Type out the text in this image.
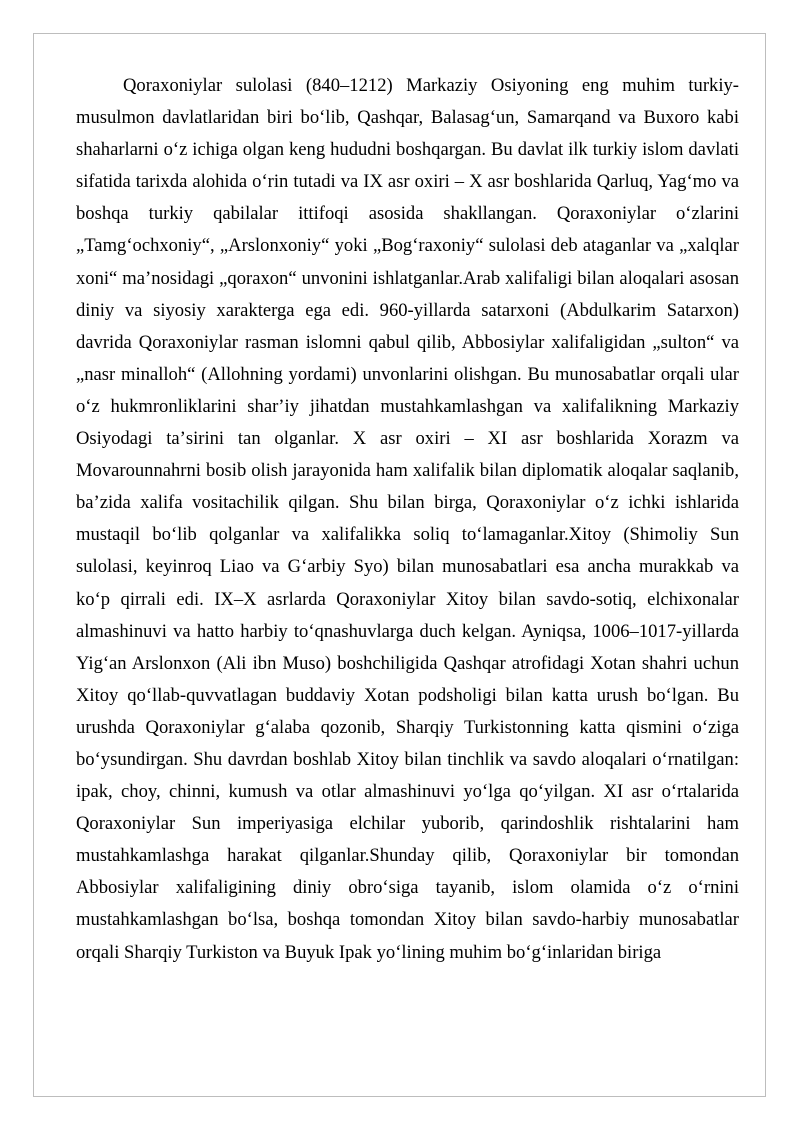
Qoraxoniylar sulolasi (840–1212) Markaziy Osiyoning eng muhim turkiy-musulmon davlatlaridan biri boʻlib, Qashqar, Balasagʻun, Samarqand va Buxoro kabi shaharlarni oʻz ichiga olgan keng hududni boshqargan. Bu davlat ilk turkiy islom davlati sifatida tarixda alohida oʻrin tutadi va IX asr oxiri – X asr boshlarida Qarluq, Yagʻmo va boshqa turkiy qabilalar ittifoqi asosida shakllangan. Qoraxoniylar oʻzlarini „Tamgʻochxoniy“, „Arslonxoniy“ yoki „Bogʻraxoniy“ sulolasi deb ataganlar va „xalqlar xoni“ maʼnosidagi „qoraxon“ unvonini ishlatganlar.Arab xalifaligi bilan aloqalari asosan diniy va siyosiy xarakterga ega edi. 960-yillarda satarxoni (Abdulkarim Satarxon) davrida Qoraxoniylar rasman islomni qabul qilib, Abbosiylar xalifaligidan „sulton“ va „nasr minalloh“ (Allohning yordami) unvonlarini olishgan. Bu munosabatlar orqali ular oʻz hukmronliklarini sharʼiy jihatdan mustahkamlashgan va xalifalikning Markaziy Osiyodagi taʼsirini tan olganlar. X asr oxiri – XI asr boshlarida Xorazm va Movarounnahrni bosib olish jarayonida ham xalifalik bilan diplomatik aloqalar saqlanib, baʼzida xalifa vositachilik qilgan. Shu bilan birga, Qoraxoniylar oʻz ichki ishlarida mustaqil boʻlib qolganlar va xalifalikka soliq toʻlamaganlar.Xitoy (Shimoliy Sun sulolasi, keyinroq Liao va Gʻarbiy Syo) bilan munosabatlari esa ancha murakkab va koʻp qirrali edi. IX–X asrlarda Qoraxoniylar Xitoy bilan savdo-sotiq, elchixonalar almashinuvi va hatto harbiy toʻqnashuvlarga duch kelgan. Ayniqsa, 1006–1017-yillarda Yigʻan Arslonxon (Ali ibn Muso) boshchiligida Qashqar atrofidagi Xotan shahri uchun Xitoy qoʻllab-quvvatlagan buddaviy Xotan podsholigi bilan katta urush boʻlgan. Bu urushda Qoraxoniylar gʻalaba qozonib, Sharqiy Turkistonning katta qismini oʻziga boʻysundirgan. Shu davrdan boshlab Xitoy bilan tinchlik va savdo aloqalari oʻrnatilgan: ipak, choy, chinni, kumush va otlar almashinuvi yoʻlga qoʻyilgan. XI asr oʻrtalarida Qoraxoniylar Sun imperiyasiga elchilar yuborib, qarindoshlik rishtalarini ham mustahkamlashga harakat qilganlar.Shunday qilib, Qoraxoniylar bir tomondan Abbosiylar xalifaligining diniy obroʻsiga tayanib, islom olamida oʻz oʻrnini mustahkamlashgan boʻlsa, boshqa tomondan Xitoy bilan savdo-harbiy munosabatlar orqali Sharqiy Turkiston va Buyuk Ipak yoʻlining muhim boʻgʻinlaridan biriga
